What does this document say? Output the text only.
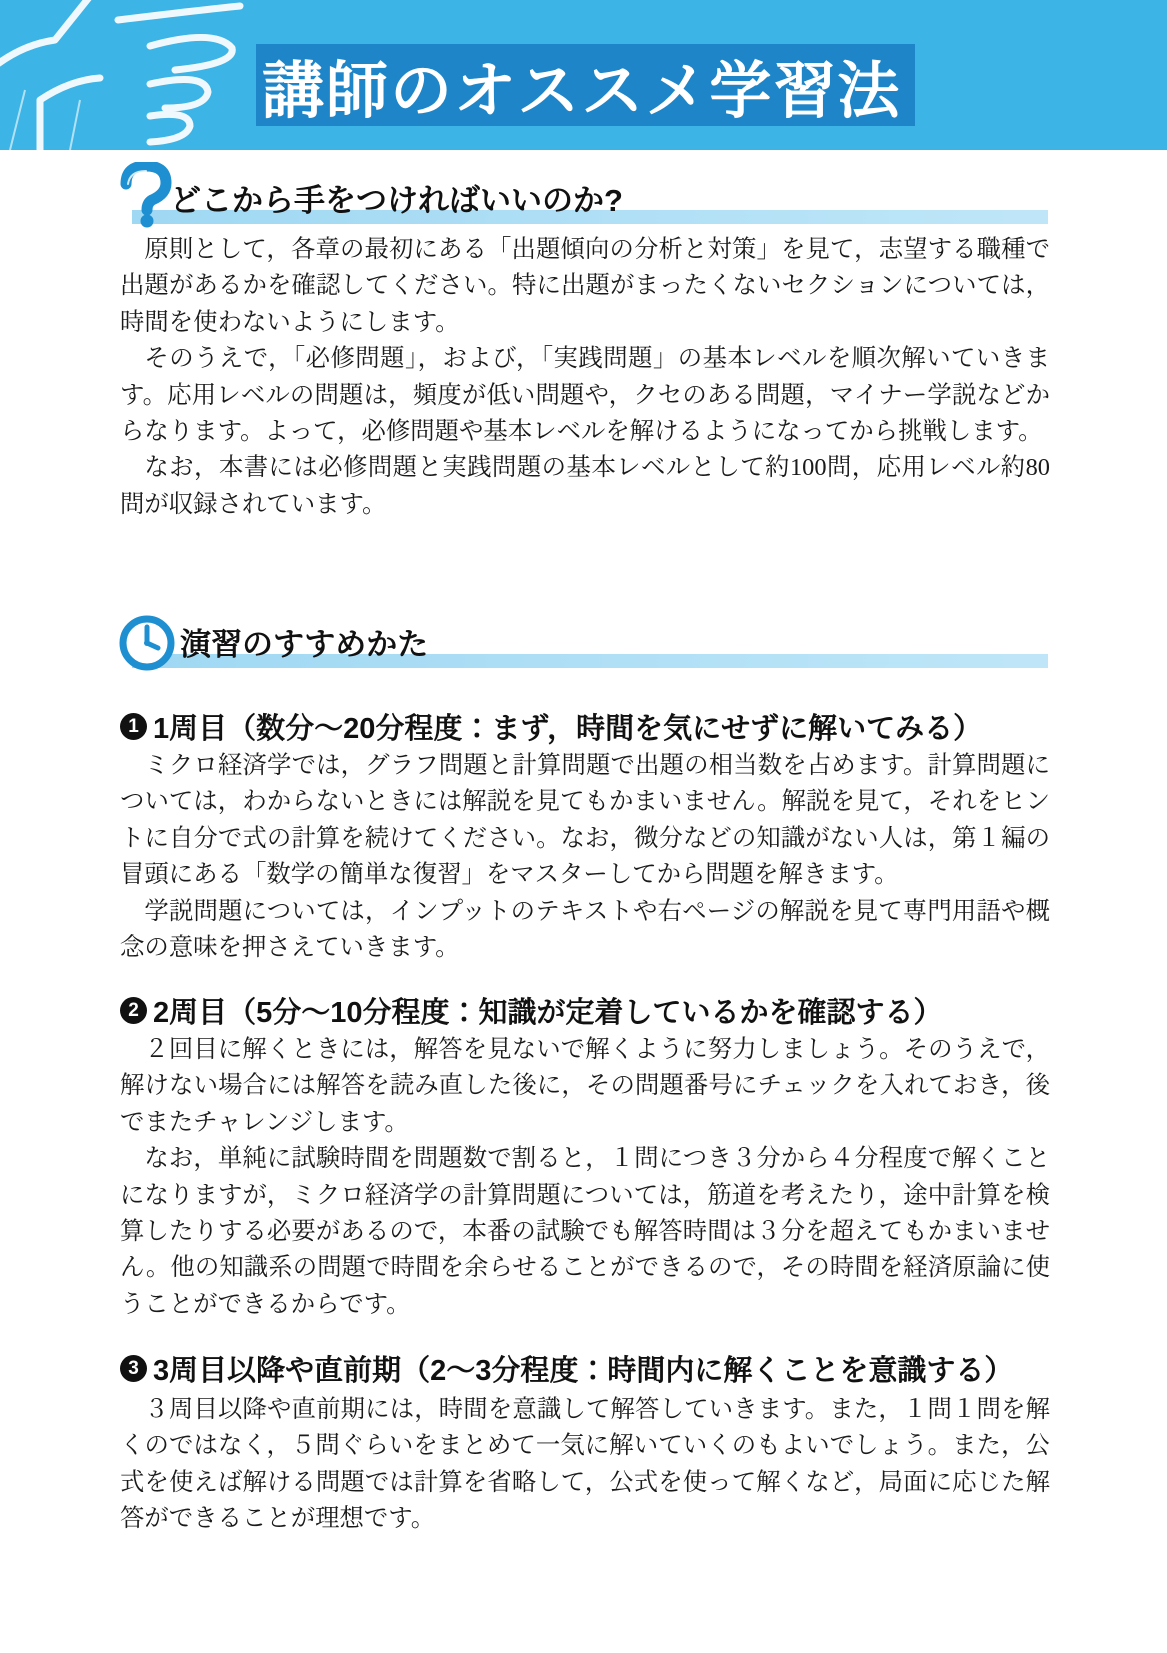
講師のオススメ学習法
どこから手をつければいいのか?

原則として，各章の最初にある「出題傾向の分析と対策」を見て，志望する職種で出題があるかを確認してください。特に出題がまったくないセクションについては，時間を使わないようにします。

そのうえで，「必修問題」，および，「実践問題」の基本レベルを順次解いていきます。応用レベルの問題は，頻度が低い問題や，クセのある問題，マイナー学説などからなります。よって，必修問題や基本レベルを解けるようになってから挑戦します。

なお，本書には必修問題と実践問題の基本レベルとして約100問，応用レベル約80問が収録されています。

演習のすすめかた
1 1周目（数分～20分程度：まず，時間を気にせずに解いてみる）

ミクロ経済学では，グラフ問題と計算問題で出題の相当数を占めます。計算問題については，わからないときには解説を見てもかまいません。解説を見て，それをヒントに自分で式の計算を続けてください。なお，微分などの知識がない人は，第１編の冒頭にある「数学の簡単な復習」をマスターしてから問題を解きます。

学説問題については，インプットのテキストや右ページの解説を見て専門用語や概念の意味を押さえていきます。

2 2周目（5分～10分程度：知識が定着しているかを確認する）

２回目に解くときには，解答を見ないで解くように努力しましょう。そのうえで，解けない場合には解答を読み直した後に，その問題番号にチェックを入れておき，後でまたチャレンジします。

なお，単純に試験時間を問題数で割ると，１問につき３分から４分程度で解くことになりますが，ミクロ経済学の計算問題については，筋道を考えたり，途中計算を検算したりする必要があるので，本番の試験でも解答時間は３分を超えてもかまいません。他の知識系の問題で時間を余らせることができるので，その時間を経済原論に使うことができるからです。

3 3周目以降や直前期（2～3分程度：時間内に解くことを意識する）

３周目以降や直前期には，時間を意識して解答していきます。また，１問１問を解くのではなく，５問ぐらいをまとめて一気に解いていくのもよいでしょう。また，公式を使えば解ける問題では計算を省略して，公式を使って解くなど，局面に応じた解答ができることが理想です。
